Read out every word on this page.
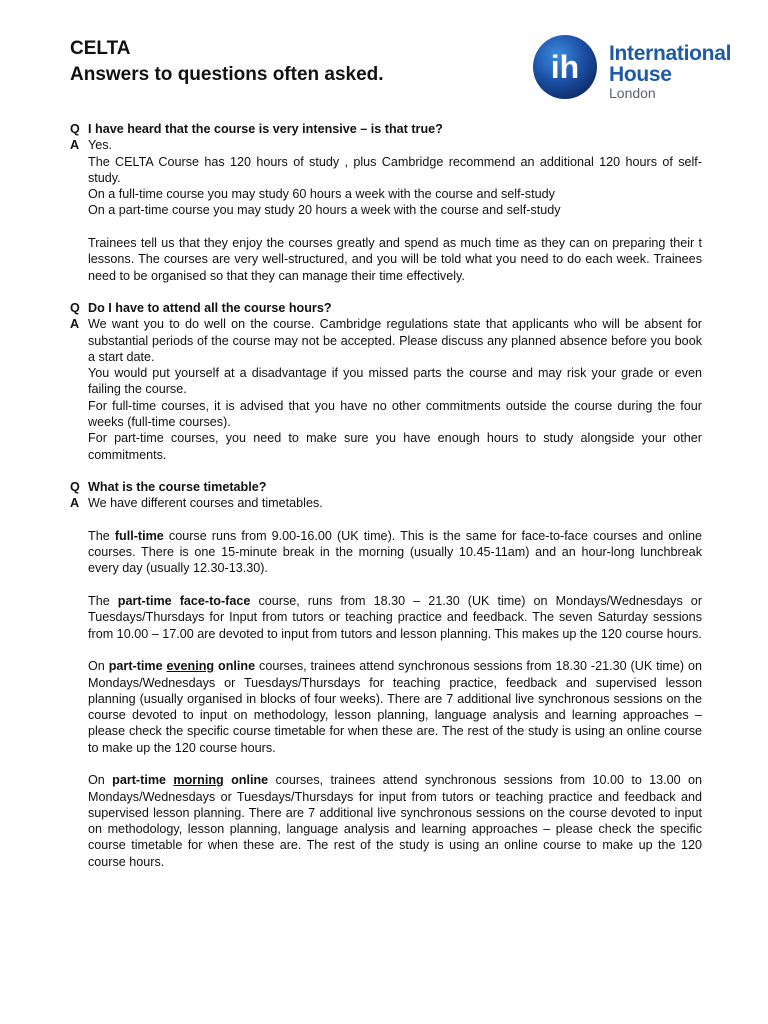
CELTA
Answers to questions often asked.	ih International
House
London
Q I have heard that the course is very intensive – is that true?
A Yes.

The CELTA Course has 120 hours of study , plus Cambridge recommend an additional 120 hours of self-study.

On a full-time course you may study 60 hours a week with the course and self-study

On a part-time course you may study 20 hours a week with the course and self-study

Trainees tell us that they enjoy the courses greatly and spend as much time as they can on preparing their t lessons. The courses are very well-structured, and you will be told what you need to do each week. Trainees need to be organised so that they can manage their time effectively.

Q Do I have to attend all the course hours?
A We want you to do well on the course. Cambridge regulations state that applicants who will be absent for substantial periods of the course may not be accepted. Please discuss any planned absence before you book a start date.

You would put yourself at a disadvantage if you missed parts the course and may risk your grade or even failing the course.

For full-time courses, it is advised that you have no other commitments outside the course during the four weeks (full-time courses).

For part-time courses, you need to make sure you have enough hours to study alongside your other commitments.

Q What is the course timetable?
A We have different courses and timetables.

The full-time course runs from 9.00-16.00 (UK time). This is the same for face-to-face courses and online courses. There is one 15-minute break in the morning (usually 10.45-11am) and an hour-long lunchbreak every day (usually 12.30-13.30).

The part-time face-to-face course, runs from 18.30 – 21.30 (UK time) on Mondays/Wednesdays or Tuesdays/Thursdays for Input from tutors or teaching practice and feedback. The seven Saturday sessions from 10.00 – 17.00 are devoted to input from tutors and lesson planning. This makes up the 120 course hours.

On part-time evening online courses, trainees attend synchronous sessions from 18.30 -21.30 (UK time) on Mondays/Wednesdays or Tuesdays/Thursdays for teaching practice, feedback and supervised lesson planning (usually organised in blocks of four weeks). There are 7 additional live synchronous sessions on the course devoted to input on methodology, lesson planning, language analysis and learning approaches – please check the specific course timetable for when these are. The rest of the study is using an online course to make up the 120 course hours.

On part-time morning online courses, trainees attend synchronous sessions from 10.00 to 13.00 on Mondays/Wednesdays or Tuesdays/Thursdays for input from tutors or teaching practice and feedback and supervised lesson planning. There are 7 additional live synchronous sessions on the course devoted to input on methodology, lesson planning, language analysis and learning approaches – please check the specific course timetable for when these are. The rest of the study is using an online course to make up the 120 course hours.
